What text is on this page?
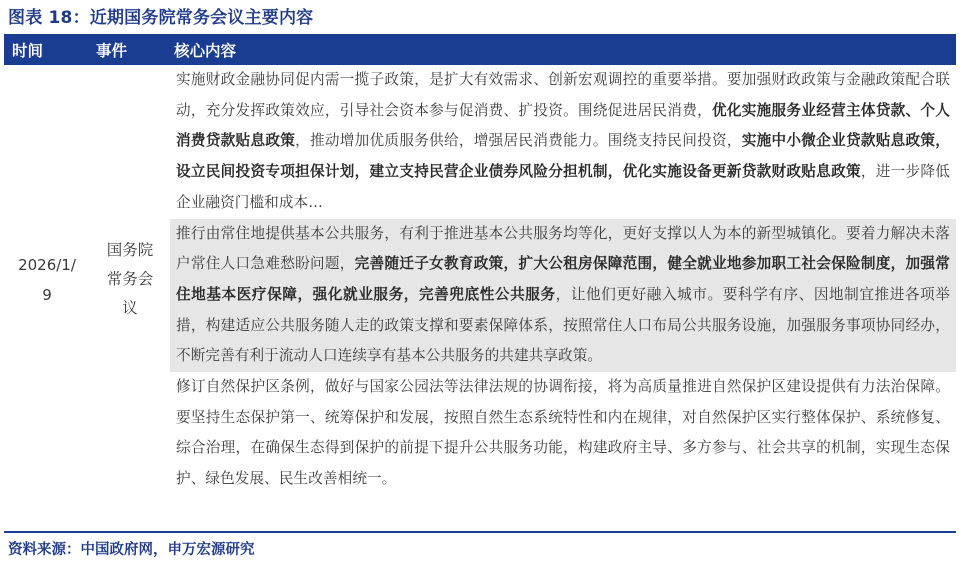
图表 18：近期国务院常务会议主要内容
时间	事件	核心内容
2026/1/9
国务院常务会议
实施财政金融协同促内需一揽子政策，是扩大有效需求、创新宏观调控的重要举措。要加强财政政策与金融政策配合联动，充分发挥政策效应，引导社会资本参与促消费、扩投资。围绕促进居民消费，优化实施服务业经营主体贷款、个人消费贷款贴息政策，推动增加优质服务供给，增强居民消费能力。围绕支持民间投资，实施中小微企业贷款贴息政策，设立民间投资专项担保计划，建立支持民营企业债券风险分担机制，优化实施设备更新贷款财政贴息政策，进一步降低企业融资门槛和成本…
推行由常住地提供基本公共服务，有利于推进基本公共服务均等化，更好支撑以人为本的新型城镇化。要着力解决未落户常住人口急难愁盼问题，完善随迁子女教育政策，扩大公租房保障范围，健全就业地参加职工社会保险制度，加强常住地基本医疗保障，强化就业服务，完善兜底性公共服务，让他们更好融入城市。要科学有序、因地制宜推进各项举措，构建适应公共服务随人走的政策支撑和要素保障体系，按照常住人口布局公共服务设施，加强服务事项协同经办，不断完善有利于流动人口连续享有基本公共服务的共建共享政策。
修订自然保护区条例，做好与国家公园法等法律法规的协调衔接，将为高质量推进自然保护区建设提供有力法治保障。要坚持生态保护第一、统筹保护和发展，按照自然生态系统特性和内在规律，对自然保护区实行整体保护、系统修复、综合治理，在确保生态得到保护的前提下提升公共服务功能，构建政府主导、多方参与、社会共享的机制，实现生态保护、绿色发展、民生改善相统一。
资料来源：中国政府网，申万宏源研究
